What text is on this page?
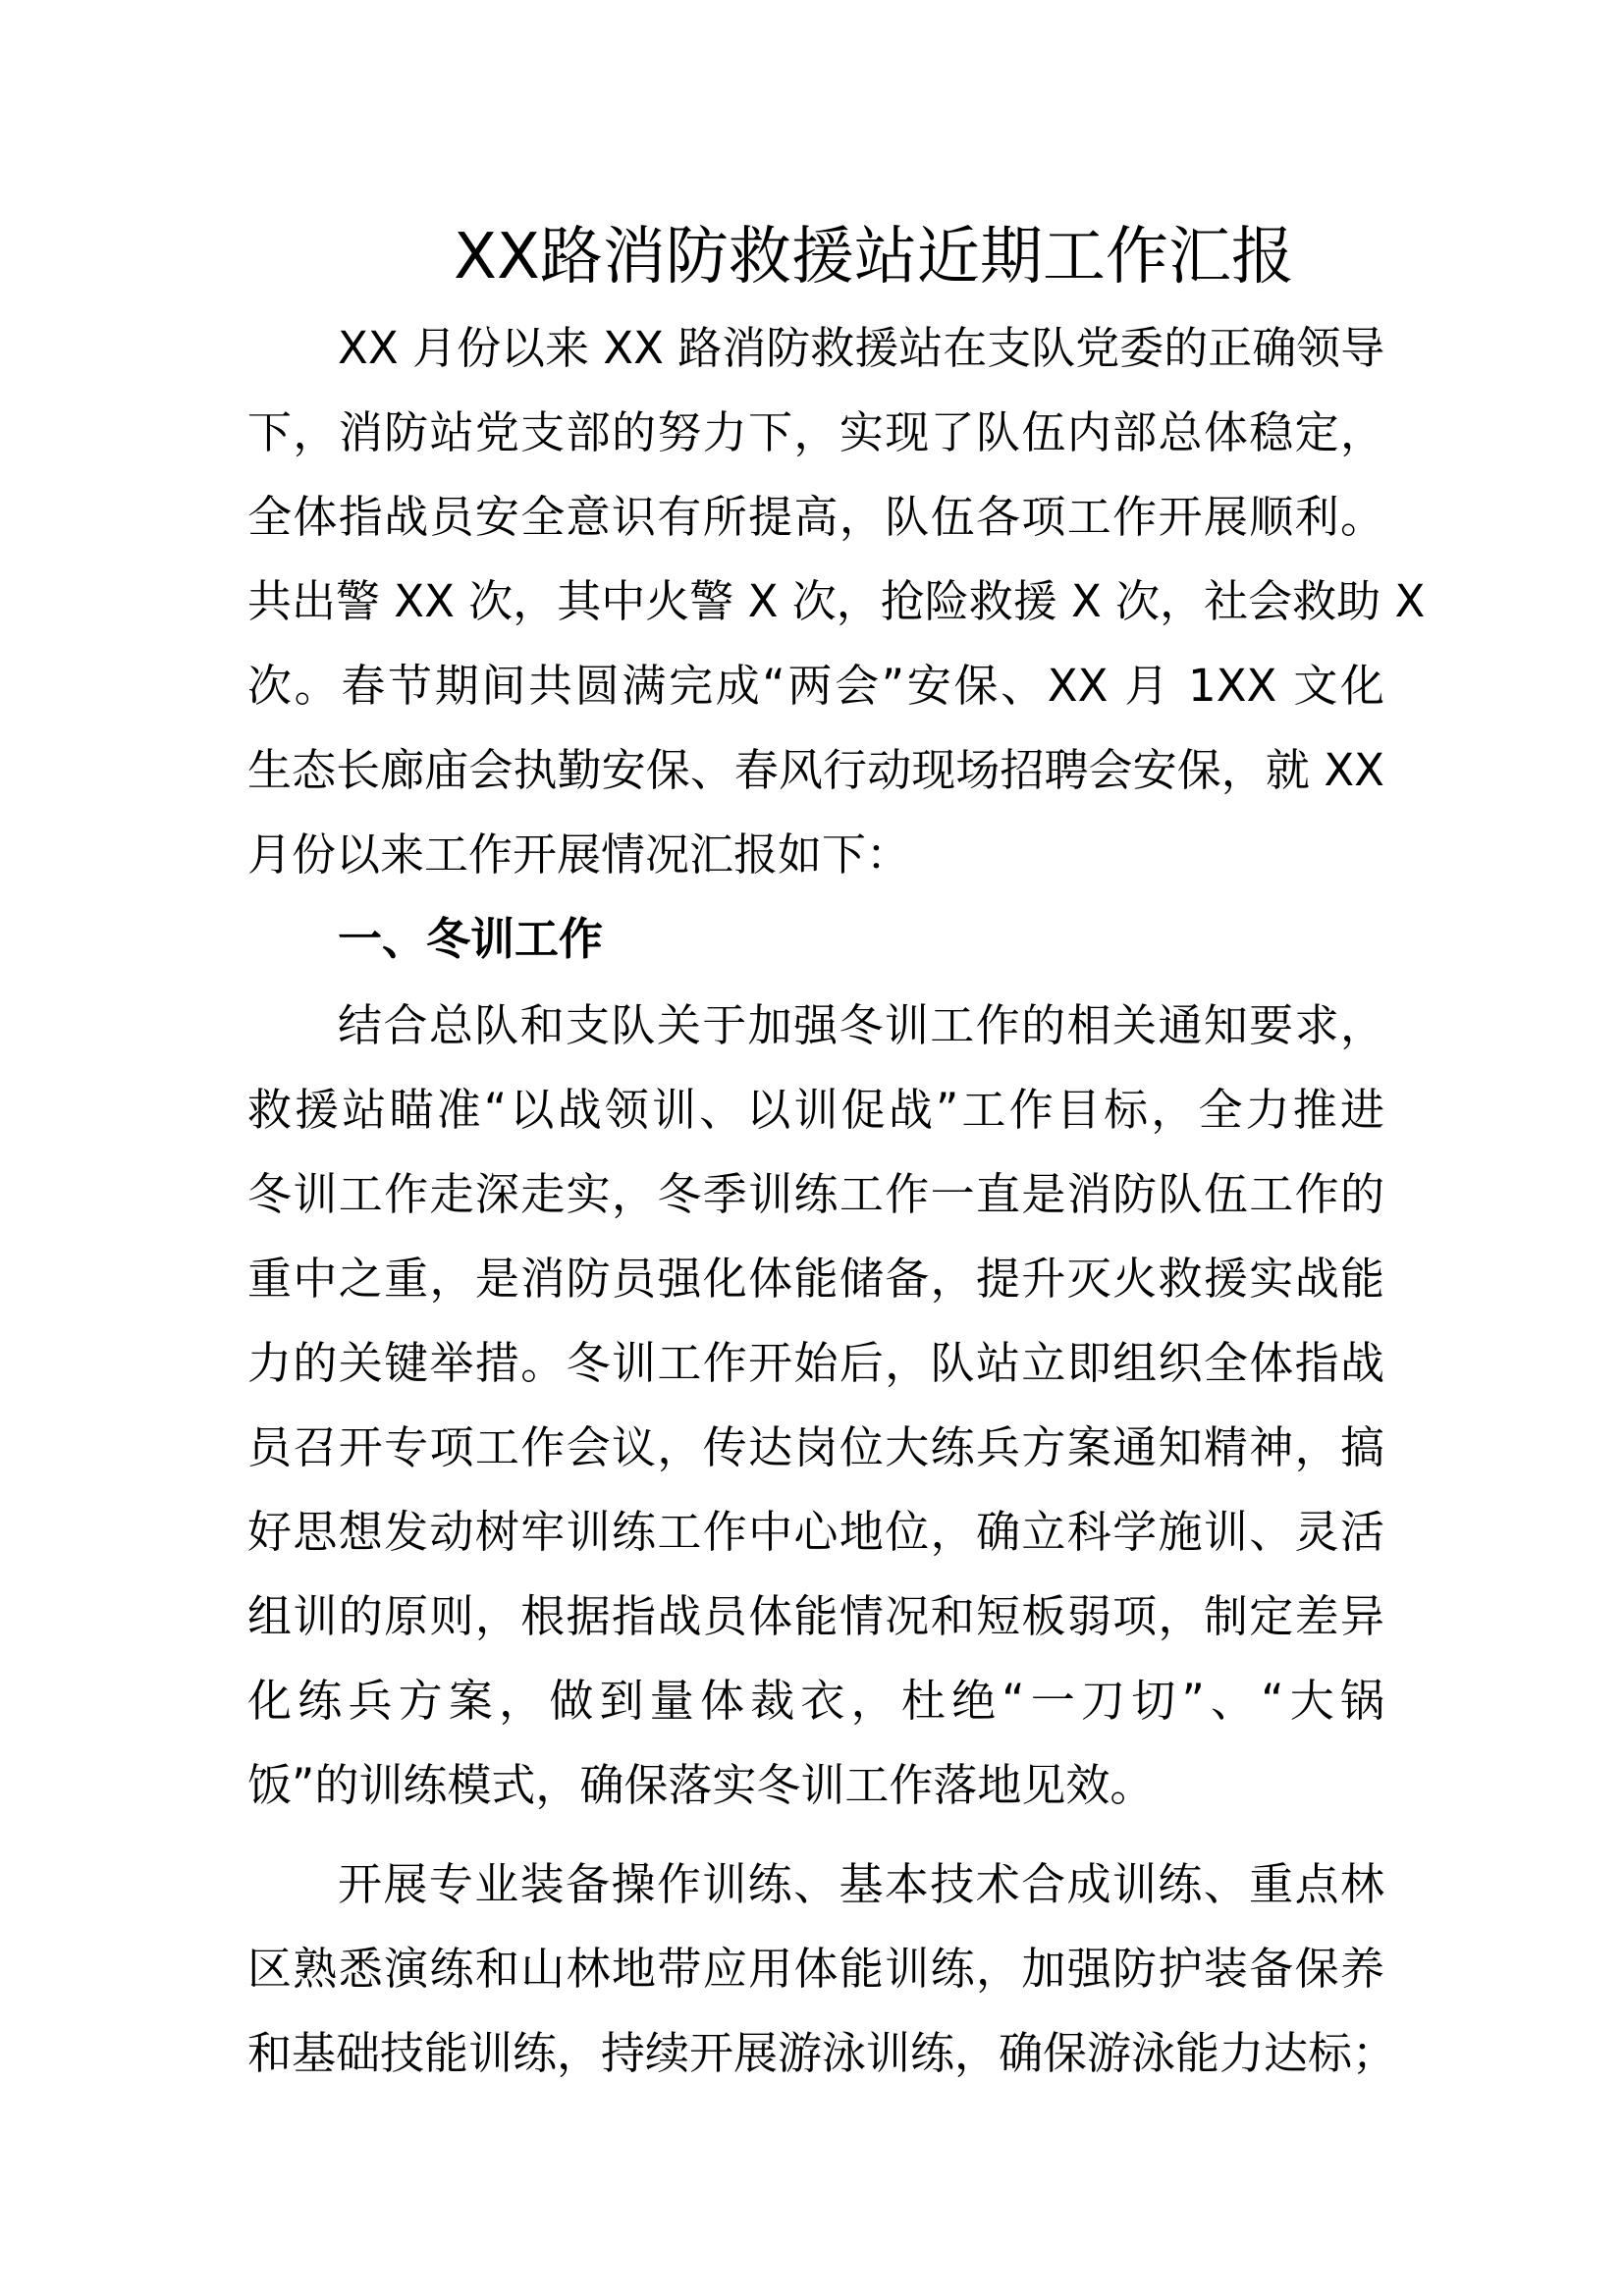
XX路消防救援站近期工作汇报
XX 月份以来 XX 路消防救援站在支队党委的正确领导
下，消防站党支部的努力下，实现了队伍内部总体稳定，
全体指战员安全意识有所提高，队伍各项工作开展顺利。
共出警 XX 次，其中火警 X 次，抢险救援 X 次，社会救助 X
次。春节期间共圆满完成“两会”安保、XX 月 1XX 文化
生态长廊庙会执勤安保、春风行动现场招聘会安保，就 XX
月份以来工作开展情况汇报如下：
一、冬训工作
结合总队和支队关于加强冬训工作的相关通知要求，
救援站瞄准“以战领训、以训促战”工作目标，全力推进
冬训工作走深走实，冬季训练工作一直是消防队伍工作的
重中之重，是消防员强化体能储备，提升灭火救援实战能
力的关键举措。冬训工作开始后，队站立即组织全体指战
员召开专项工作会议，传达岗位大练兵方案通知精神，搞
好思想发动树牢训练工作中心地位，确立科学施训、灵活
组训的原则，根据指战员体能情况和短板弱项，制定差异
化练兵方案，做到量体裁衣，杜绝“一刀切”、“大锅
饭”的训练模式，确保落实冬训工作落地见效。
开展专业装备操作训练、基本技术合成训练、重点林
区熟悉演练和山林地带应用体能训练，加强防护装备保养
和基础技能训练，持续开展游泳训练，确保游泳能力达标；
